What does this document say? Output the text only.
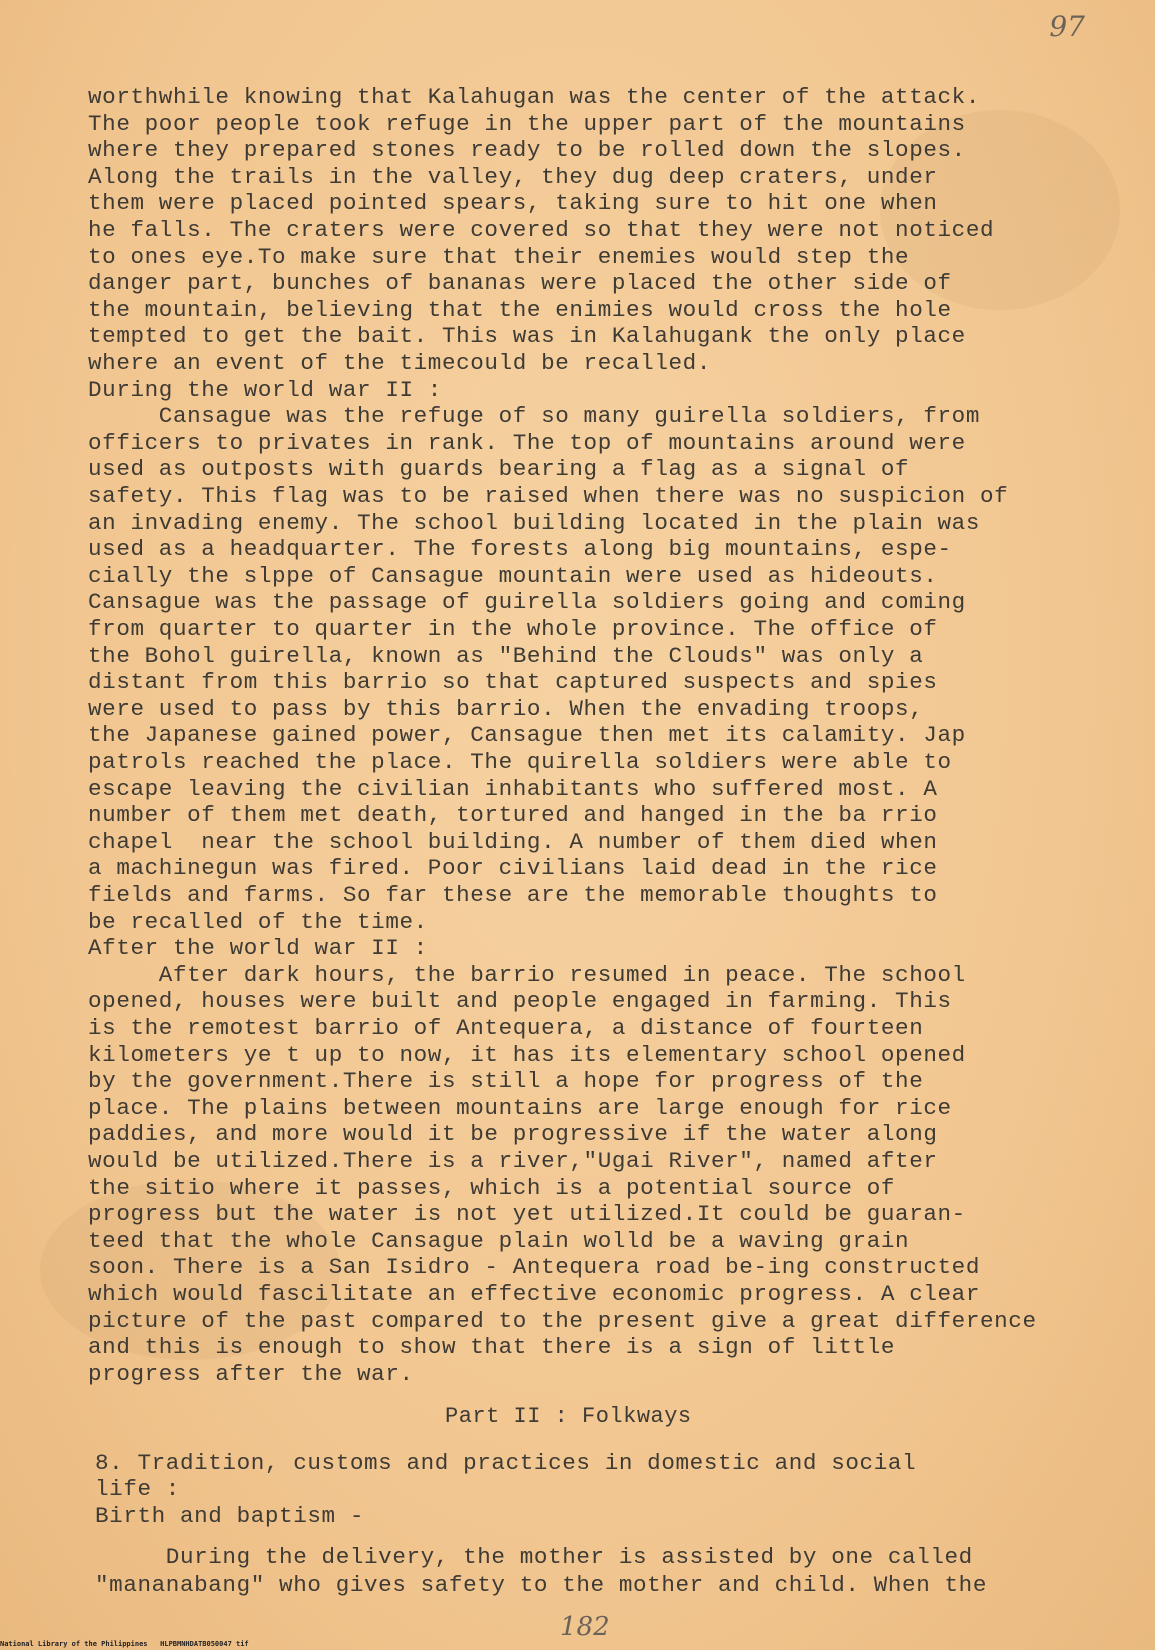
97
worthwhile knowing that Kalahugan was the center of the attack.
The poor people took refuge in the upper part of the mountains
where they prepared stones ready to be rolled down the slopes.
Along the trails in the valley, they dug deep craters, under
them were placed pointed spears, taking sure to hit one when
he falls. The craters were covered so that they were not noticed
to ones eye.To make sure that their enemies would step the
danger part, bunches of bananas were placed the other side of
the mountain, believing that the enimies would cross the hole
tempted to get the bait. This was in Kalahugank the only place
where an event of the timecould be recalled.
During the world war II :
Cansague was the refuge of so many guirella soldiers, from
officers to privates in rank. The top of mountains around were
used as outposts with guards bearing a flag as a signal of
safety. This flag was to be raised when there was no suspicion of
an invading enemy. The school building located in the plain was
used as a headquarter. The forests along big mountains, espe-
cially the slppe of Cansague mountain were used as hideouts.
Cansague was the passage of guirella soldiers going and coming
from quarter to quarter in the whole province. The office of
the Bohol guirella, known as "Behind the Clouds" was only a
distant from this barrio so that captured suspects and spies
were used to pass by this barrio. When the envading troops,
the Japanese gained power, Cansague then met its calamity. Jap
patrols reached the place. The quirella soldiers were able to
escape leaving the civilian inhabitants who suffered most. A
number of them met death, tortured and hanged in the ba rrio
chapel  near the school building. A number of them died when
a machinegun was fired. Poor civilians laid dead in the rice
fields and farms. So far these are the memorable thoughts to
be recalled of the time.
After the world war II :
After dark hours, the barrio resumed in peace. The school
opened, houses were built and people engaged in farming. This
is the remotest barrio of Antequera, a distance of fourteen
kilometers ye t up to now, it has its elementary school opened
by the government.There is still a hope for progress of the
place. The plains between mountains are large enough for rice
paddies, and more would it be progressive if the water along
would be utilized.There is a river,"Ugai River", named after
the sitio where it passes, which is a potential source of
progress but the water is not yet utilized.It could be guaran-
teed that the whole Cansague plain wolld be a waving grain
soon. There is a San Isidro - Antequera road be-ing constructed
which would fascilitate an effective economic progress. A clear
picture of the past compared to the present give a great difference
and this is enough to show that there is a sign of little
progress after the war.
Part II : Folkways
8. Tradition, customs and practices in domestic and social
life :
Birth and baptism -
During the delivery, the mother is assisted by one called
"mananabang" who gives safety to the mother and child. When the
182
National Library of the Philippines   HLPBMNHDATB050047 tif
